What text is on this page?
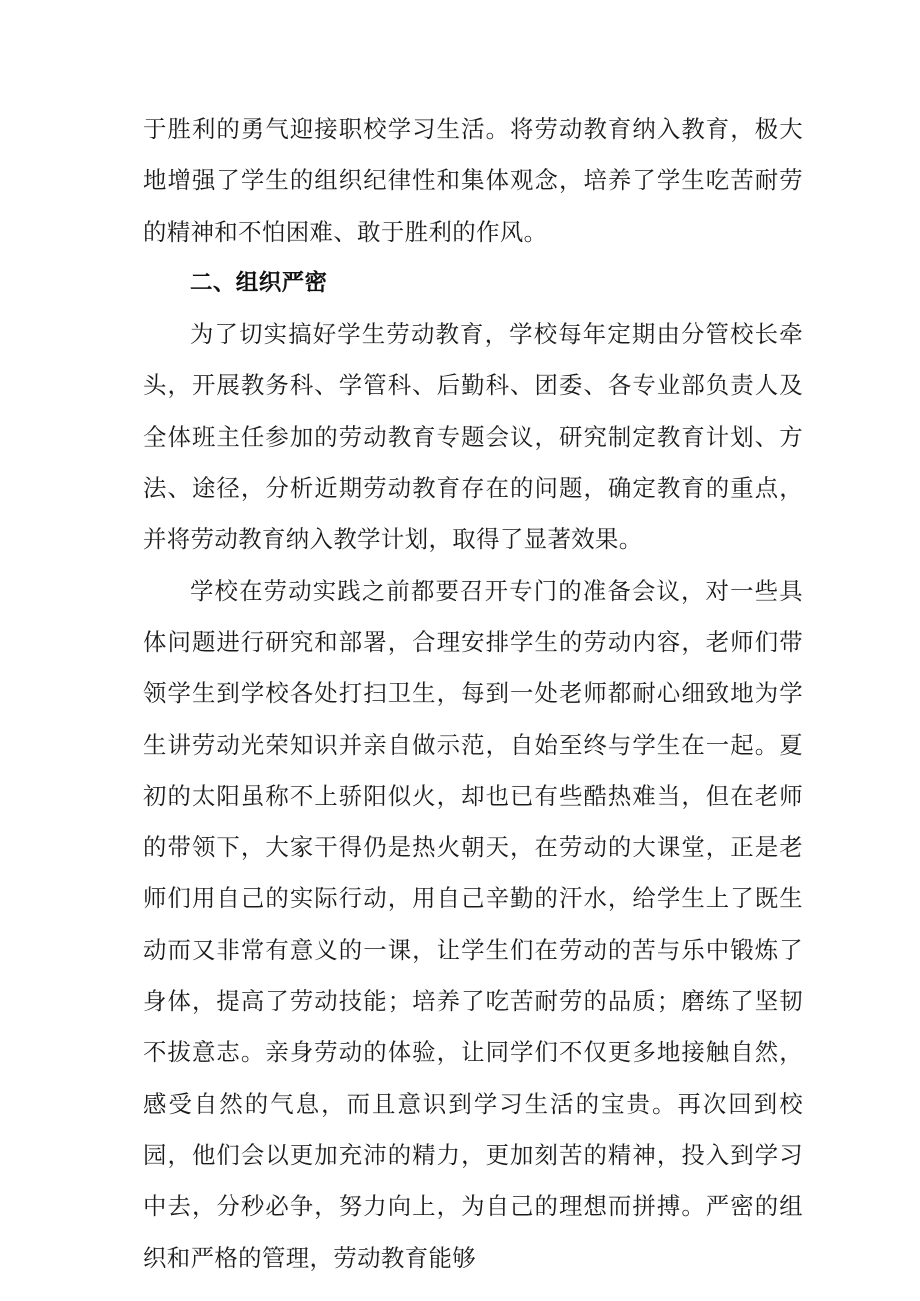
于胜利的勇气迎接职校学习生活。将劳动教育纳入教育，极大地增强了学生的组织纪律性和集体观念，培养了学生吃苦耐劳的精神和不怕困难、敢于胜利的作风。

二、组织严密

为了切实搞好学生劳动教育，学校每年定期由分管校长牵头，开展教务科、学管科、后勤科、团委、各专业部负责人及全体班主任参加的劳动教育专题会议，研究制定教育计划、方法、途径，分析近期劳动教育存在的问题，确定教育的重点，并将劳动教育纳入教学计划，取得了显著效果。

学校在劳动实践之前都要召开专门的准备会议，对一些具体问题进行研究和部署，合理安排学生的劳动内容，老师们带领学生到学校各处打扫卫生，每到一处老师都耐心细致地为学生讲劳动光荣知识并亲自做示范，自始至终与学生在一起。夏初的太阳虽称不上骄阳似火，却也已有些酷热难当，但在老师的带领下，大家干得仍是热火朝天，在劳动的大课堂，正是老师们用自己的实际行动，用自己辛勤的汗水，给学生上了既生动而又非常有意义的一课，让学生们在劳动的苦与乐中锻炼了身体，提高了劳动技能；培养了吃苦耐劳的品质；磨练了坚韧不拔意志。亲身劳动的体验，让同学们不仅更多地接触自然，感受自然的气息，而且意识到学习生活的宝贵。再次回到校园，他们会以更加充沛的精力，更加刻苦的精神，投入到学习中去，分秒必争，努力向上，为自己的理想而拼搏。严密的组织和严格的管理，劳动教育能够
